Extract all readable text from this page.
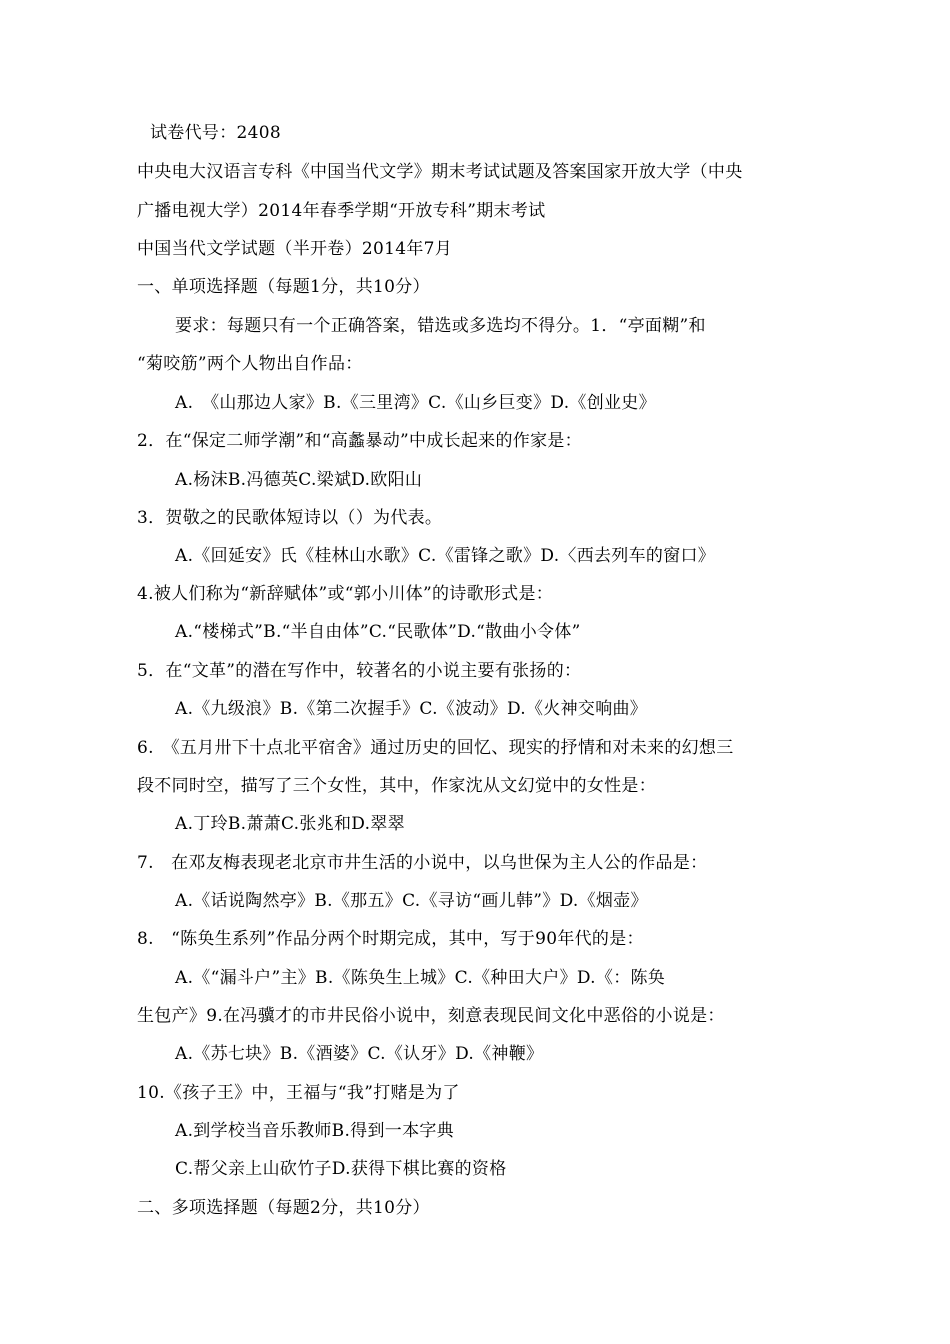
试卷代号：2408
中央电大汉语言专科《中国当代文学》期末考试试题及答案国家开放大学（中央
广播电视大学）2014年春季学期“开放专科”期末考试
中国当代文学试题（半开卷）2014年7月
一、单项选择题（每题1分，共10分）
要求：每题只有一个正确答案，错选或多选均不得分。1．“亭面糊”和
“菊咬筋”两个人物出自作品：
A.　《山那边人家》B.《三里湾》C.《山乡巨变》D.《创业史》
2．在“保定二师学潮”和“高蠡暴动”中成长起来的作家是：
A.杨沫B.冯德英C.梁斌D.欧阳山
3．贺敬之的民歌体短诗以（）为代表。
A.《回延安》氏《桂林山水歌》C.《雷锋之歌》D.〈西去列车的窗口》
4.被人们称为“新辞赋体”或“郭小川体”的诗歌形式是：
A.“楼梯式”B.“半自由体”C.“民歌体”D.“散曲小令体”
5．在“文革”的潜在写作中，较著名的小说主要有张扬的：
A.《九级浪》B.《第二次握手》C.《波动》D.《火神交响曲》
6.　《五月卅下十点北平宿舍》通过历史的回忆、现实的抒情和对未来的幻想三
段不同时空，描写了三个女性，其中，作家沈从文幻觉中的女性是：
A.丁玲B.萧萧C.张兆和D.翠翠
7.　在邓友梅表现老北京市井生活的小说中，以乌世保为主人公的作品是：
A.《话说陶然亭》B.《那五》C.《寻访“画儿韩”》D.《烟壶》
8.　“陈奂生系列”作品分两个时期完成，其中，写于90年代的是：
A.《“漏斗户”主》B.《陈奂生上城》C.《种田大户》D.《：陈奂
生包产》9.在冯骥才的市井民俗小说中，刻意表现民间文化中恶俗的小说是：
A.《苏七块》B.《酒婆》C.《认牙》D.《神鞭》
10.《孩子王》中，王福与“我”打赌是为了
A.到学校当音乐教师B.得到一本字典
C.帮父亲上山砍竹子D.获得下棋比赛的资格
二、多项选择题（每题2分，共10分）
